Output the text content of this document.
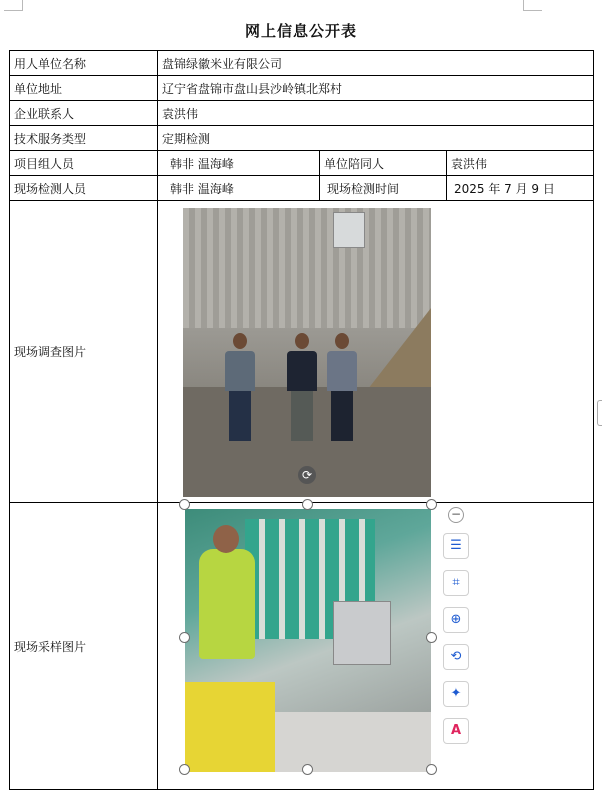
网上信息公开表
用人单位名称	盘锦绿徽米业有限公司		
单位地址	辽宁省盘锦市盘山县沙岭镇北郑村		
企业联系人	袁洪伟		
技术服务类型	定期检测		
项目组人员	韩非 温海峰	单位陪同人	袁洪伟
现场检测人员	韩非 温海峰	现场检测时间	2025 年 7 月 9 日
现场调查图片	⟳		

现场采样图片			
−
☰
⌗
⊕
⟲
✦
A
